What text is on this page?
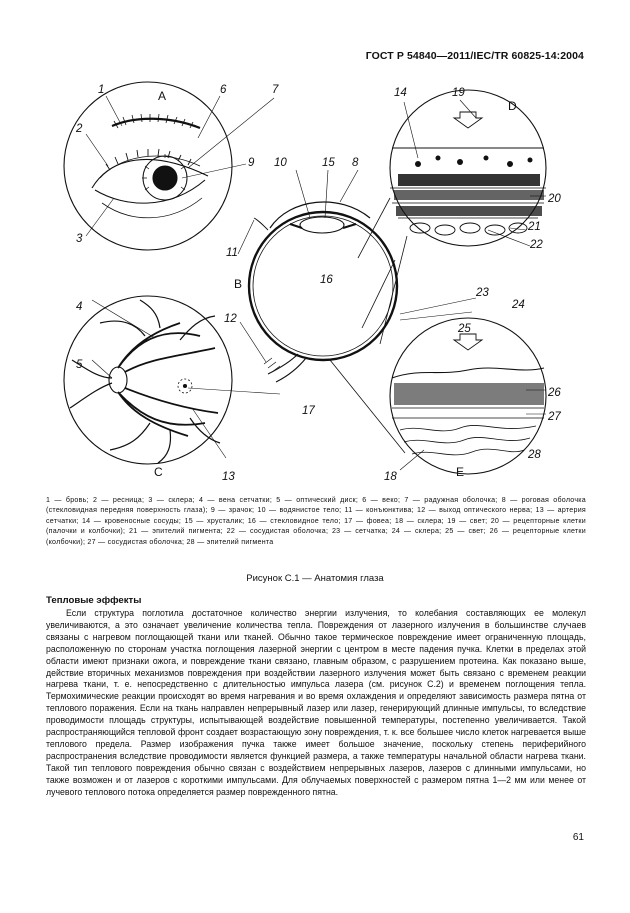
ГОСТ Р 54840—2011/IEC/TR 60825-14:2004
1
2
3
4
5
6	7
8
9 10
11
12
13
14
15
16
17
18
19
20
21
22
23
24
25
26
27
28
A
B
C
D
E
1 — бровь; 2 — ресница; 3 — склера; 4 — вена сетчатки; 5 — оптический диск; 6 — веко; 7 — радужная оболочка; 8 — роговая оболочка (стекловидная передняя поверхность глаза); 9 — зрачок; 10 — водянистое тело; 11 — конъюнктива; 12 — выход оптического нерва; 13 — артерия сетчатки; 14 — кровеносные сосуды; 15 — хрусталик; 16 — стекловидное тело; 17 — фовеа; 18 — склера; 19 — свет; 20 — рецепторные клетки (палочки и колбочки); 21 — эпителий пигмента; 22 — сосудистая оболочка; 23 — сетчатка; 24 — склера; 25 — свет; 26 — рецепторные клетки (колбочки); 27 — сосудистая оболочка; 28 — эпителий пигмента
Рисунок С.1 — Анатомия глаза
Тепловые эффекты
Если структура поглотила достаточное количество энергии излучения, то колебания составляющих ее молекул увеличиваются, а это означает увеличение количества тепла. Повреждения от лазерного излучения в большинстве случаев связаны с нагревом поглощающей ткани или тканей. Обычно такое термическое повреждение имеет ограниченную площадь, расположенную по сторонам участка поглощения лазерной энергии с центром в месте падения пучка. Клетки в пределах этой области имеют признаки ожога, и повреждение ткани связано, главным образом, с разрушением протеина. Как показано выше, действие вторичных механизмов повреждения при воздействии лазерного излучения может быть связано с временем реакции нагрева ткани, т. е. непосредственно с длительностью импульса лазера (см. рисунок С.2) и временем поглощения тепла. Термохимические реакции происходят во время нагревания и во время охлаждения и определяют зависимость размера пятна от теплового поражения. Если на ткань направлен непрерывный лазер или лазер, генерирующий длинные импульсы, то вследствие проводимости площадь структуры, испытывающей воздействие повышенной температуры, постепенно увеличивается. Такой распространяющийся тепловой фронт создает возрастающую зону повреждения, т. к. все большее число клеток нагревается выше теплового предела. Размер изображения пучка также имеет большое значение, поскольку степень периферийного распространения вследствие проводимости является функцией размера, а также температуры начальной области нагрева ткани. Такой тип теплового повреждения обычно связан с воздействием непрерывных лазеров, лазеров с длинными импульсами, но также возможен и от лазеров с короткими импульсами. Для облучаемых поверхностей с размером пятна 1—2 мм или менее от лучевого теплового потока определяется размер поврежденного пятна.
61
